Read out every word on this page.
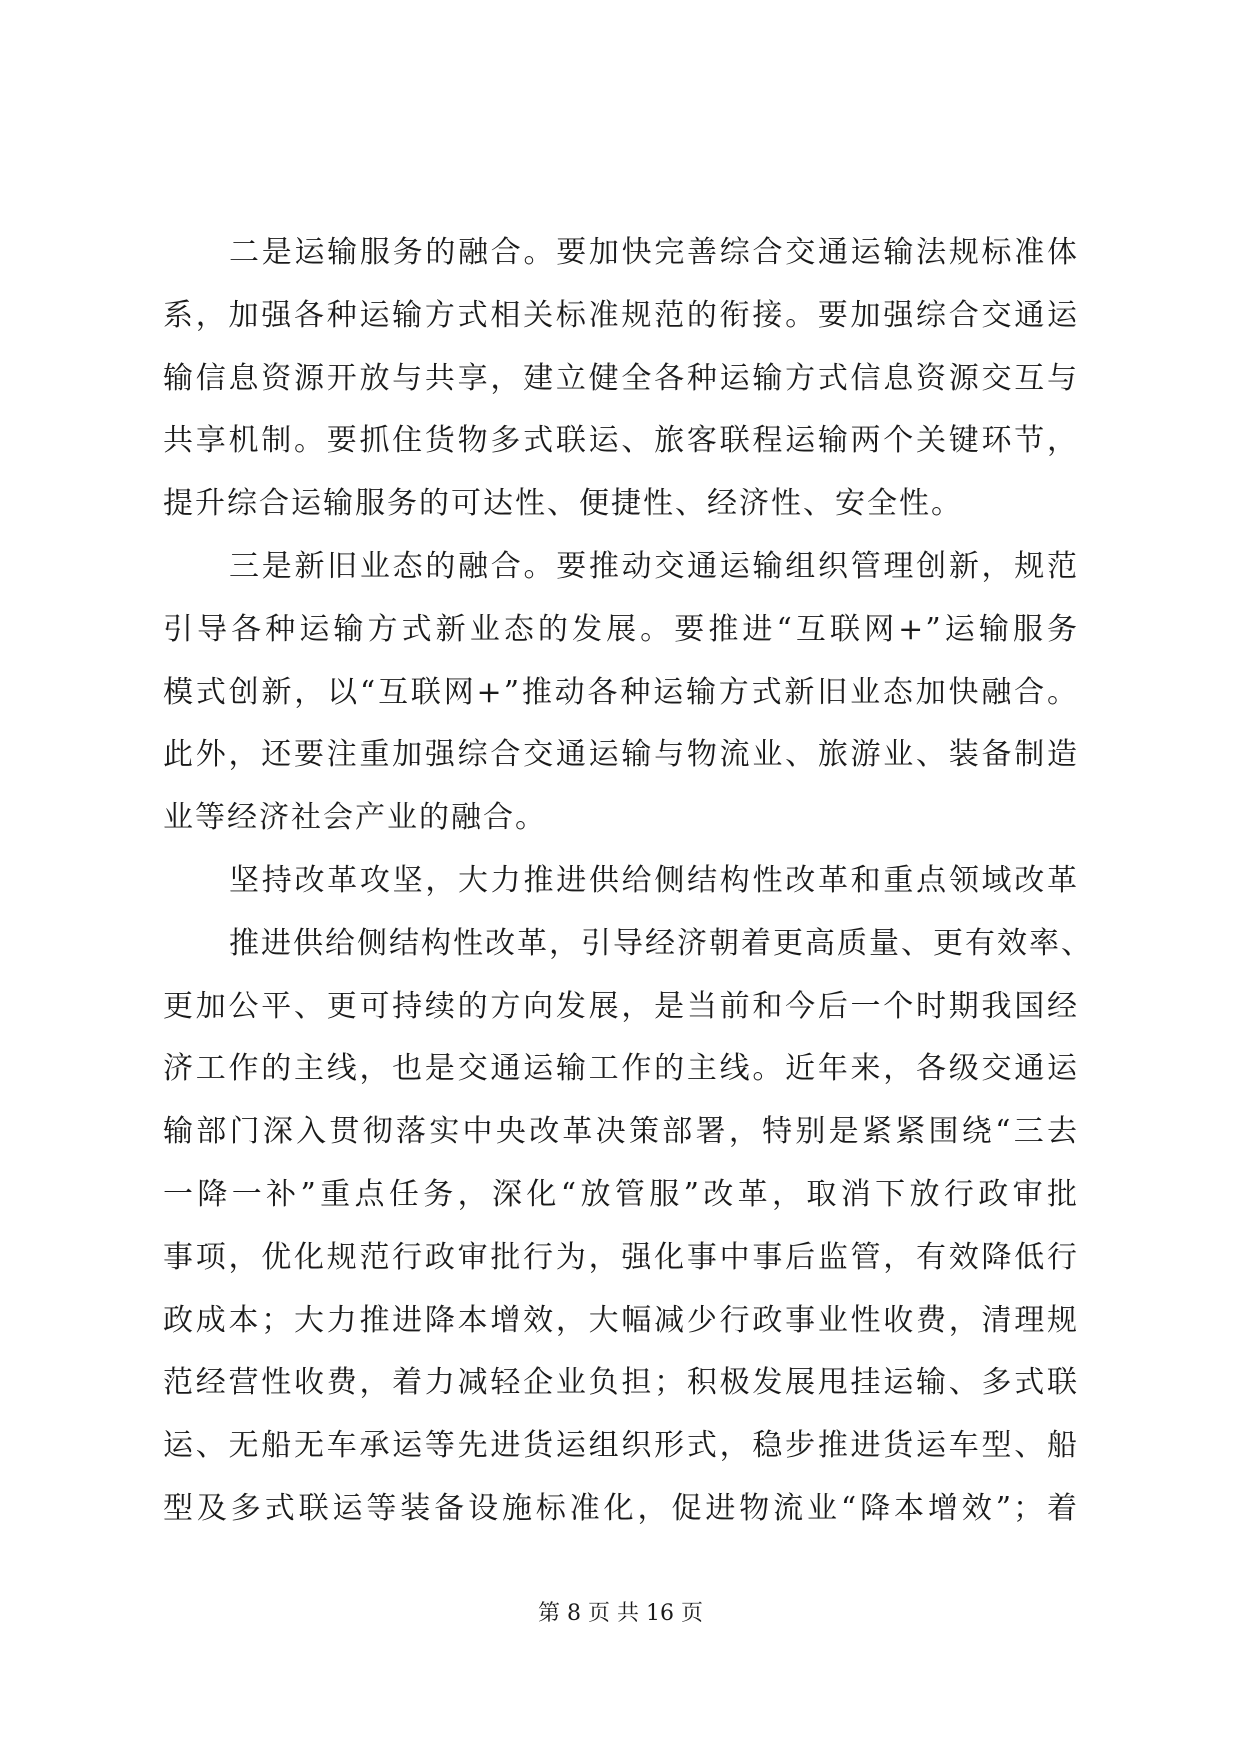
二是运输服务的融合。要加快完善综合交通运输法规标准体
系，加强各种运输方式相关标准规范的衔接。要加强综合交通运
输信息资源开放与共享，建立健全各种运输方式信息资源交互与
共享机制。要抓住货物多式联运、旅客联程运输两个关键环节，
提升综合运输服务的可达性、便捷性、经济性、安全性。
三是新旧业态的融合。要推动交通运输组织管理创新，规范
引导各种运输方式新业态的发展。要推进“互联网+”运输服务
模式创新，以“互联网+”推动各种运输方式新旧业态加快融合。
此外，还要注重加强综合交通运输与物流业、旅游业、装备制造
业等经济社会产业的融合。
坚持改革攻坚，大力推进供给侧结构性改革和重点领域改革
推进供给侧结构性改革，引导经济朝着更高质量、更有效率、
更加公平、更可持续的方向发展，是当前和今后一个时期我国经
济工作的主线，也是交通运输工作的主线。近年来，各级交通运
输部门深入贯彻落实中央改革决策部署，特别是紧紧围绕“三去
一降一补”重点任务，深化“放管服”改革，取消下放行政审批
事项，优化规范行政审批行为，强化事中事后监管，有效降低行
政成本；大力推进降本增效，大幅减少行政事业性收费，清理规
范经营性收费，着力减轻企业负担；积极发展甩挂运输、多式联
运、无船无车承运等先进货运组织形式，稳步推进货运车型、船
型及多式联运等装备设施标准化，促进物流业“降本增效”；着
第 8 页 共 16 页
